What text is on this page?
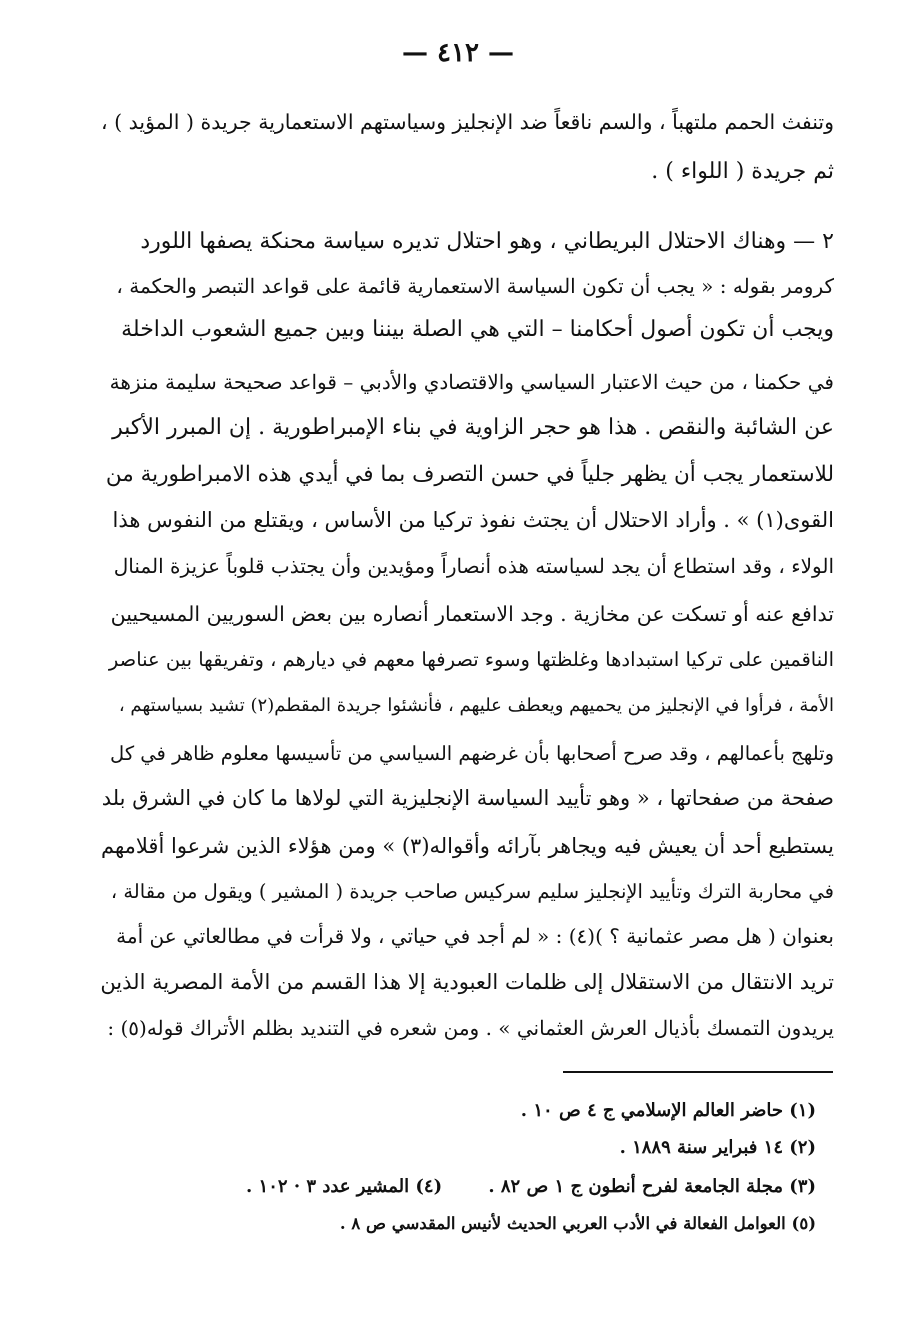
— ٤١٢ —
وتنفث الحمم ملتهباً ، والسم ناقعاً ضد الإنجليز وسياستهم الاستعمارية جريدة ( المؤيد ) ،
ثم جريدة ( اللواء ) .
٢ — وهناك الاحتلال البريطاني ، وهو احتلال تديره سياسة محنكة يصفها اللورد
كرومر بقوله : « يجب أن تكون السياسة الاستعمارية قائمة على قواعد التبصر والحكمة ،
ويجب أن تكون أصول أحكامنا – التي هي الصلة بيننا وبين جميع الشعوب الداخلة
في حكمنا ، من حيث الاعتبار السياسي والاقتصادي والأدبي – قواعد صحيحة سليمة منزهة
عن الشائبة والنقص . هذا هو حجر الزاوية في بناء الإمبراطورية . إن المبرر الأكبر
للاستعمار يجب أن يظهر جلياً في حسن التصرف بما في أيدي هذه الامبراطورية من
القوى(١) » . وأراد الاحتلال أن يجتث نفوذ تركيا من الأساس ، ويقتلع من النفوس هذا
الولاء ، وقد استطاع أن يجد لسياسته هذه أنصاراً ومؤيدين وأن يجتذب قلوباً عزيزة المنال
تدافع عنه أو تسكت عن مخازية . وجد الاستعمار أنصاره بين بعض السوريين المسيحيين
الناقمين على تركيا استبدادها وغلظتها وسوء تصرفها معهم في ديارهم ، وتفريقها بين عناصر
الأمة ، فرأوا في الإنجليز من يحميهم ويعطف عليهم ، فأنشئوا جريدة المقطم(٢) تشيد بسياستهم ،
وتلهج بأعمالهم ، وقد صرح أصحابها بأن غرضهم السياسي من تأسيسها معلوم ظاهر في كل
صفحة من صفحاتها ، « وهو تأييد السياسة الإنجليزية التي لولاها ما كان في الشرق بلد
يستطيع أحد أن يعيش فيه ويجاهر بآرائه وأقواله(٣) » ومن هؤلاء الذين شرعوا أقلامهم
في محاربة الترك وتأييد الإنجليز سليم سركيس صاحب جريدة ( المشير ) ويقول من مقالة ،
بعنوان ( هل مصر عثمانية ؟ )(٤) : « لم أجد في حياتي ، ولا قرأت في مطالعاتي عن أمة
تريد الانتقال من الاستقلال إلى ظلمات العبودية إلا هذا القسم من الأمة المصرية الذين
يريدون التمسك بأذيال العرش العثماني » . ومن شعره في التنديد بظلم الأتراك قوله(٥) :
(١) حاضر العالم الإسلامي ج ٤ ص ١٠ .
(٢) ١٤ فبراير سنة ١٨٨٩ .
(٣) مجلة الجامعة لفرح أنطون ج ١ ص ٨٢ .
(٤) المشير عدد ٣ · ١٠٢ .
(٥) العوامل الفعالة في الأدب العربي الحديث لأنيس المقدسي ص ٨ .
